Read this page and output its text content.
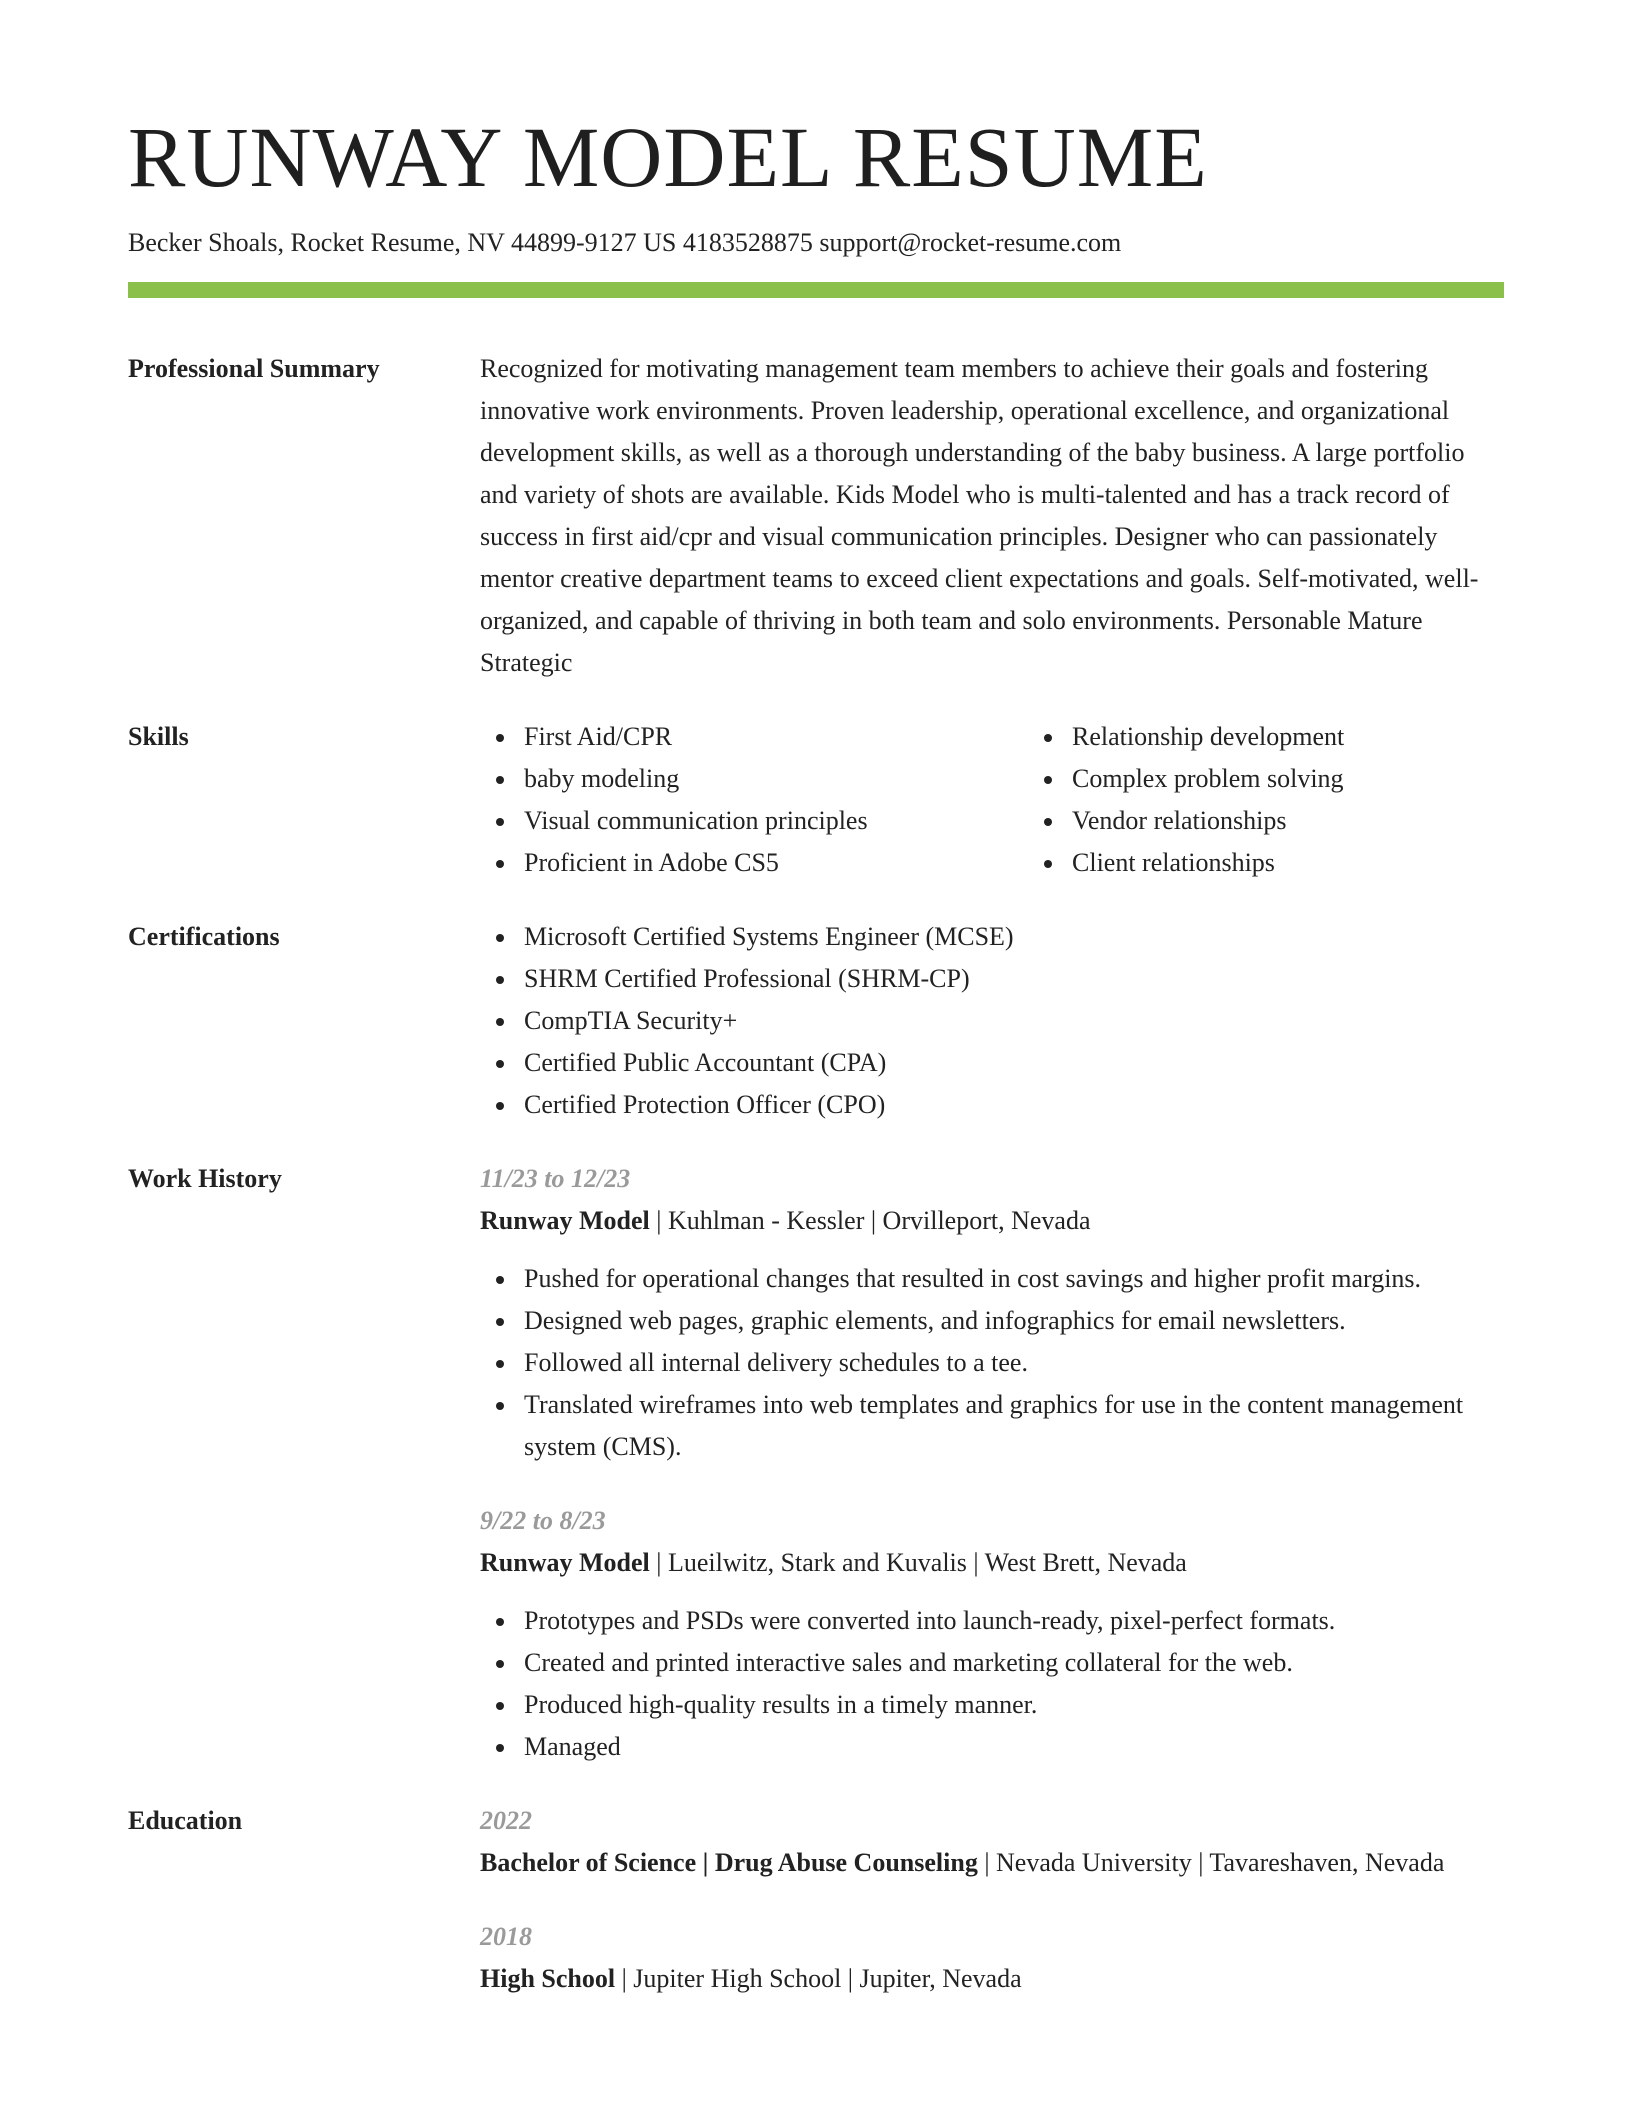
RUNWAY MODEL RESUME
Becker Shoals, Rocket Resume, NV 44899-9127 US 4183528875 support@rocket-resume.com
Professional Summary	Recognized for motivating management team members to achieve their goals and fostering innovative work environments. Proven leadership, operational excellence, and organizational development skills, as well as a thorough understanding of the baby business. A large portfolio and variety of shots are available. Kids Model who is multi-talented and has a track record of success in first aid/cpr and visual communication principles. Designer who can passionately mentor creative department teams to exceed client expectations and goals. Self-motivated, well-organized, and capable of thriving in both team and solo environments. Personable Mature Strategic
Skills	First Aid/CPR
baby modeling
Visual communication principles
Proficient in Adobe CS5
Relationship development
Complex problem solving
Vendor relationships
Client relationships
Certifications	Microsoft Certified Systems Engineer (MCSE)
SHRM Certified Professional (SHRM-CP)
CompTIA Security+
Certified Public Accountant (CPA)
Certified Protection Officer (CPO)
Work History	11/23 to 12/23
Runway Model | Kuhlman - Kessler | Orvilleport, Nevada
Pushed for operational changes that resulted in cost savings and higher profit margins.
Designed web pages, graphic elements, and infographics for email newsletters.
Followed all internal delivery schedules to a tee.
Translated wireframes into web templates and graphics for use in the content management system (CMS).
9/22 to 8/23
Runway Model | Lueilwitz, Stark and Kuvalis | West Brett, Nevada
Prototypes and PSDs were converted into launch-ready, pixel-perfect formats.
Created and printed interactive sales and marketing collateral for the web.
Produced high-quality results in a timely manner.
Managed
Education	2022
Bachelor of Science | Drug Abuse Counseling | Nevada University | Tavareshaven, Nevada
2018
High School | Jupiter High School | Jupiter, Nevada
